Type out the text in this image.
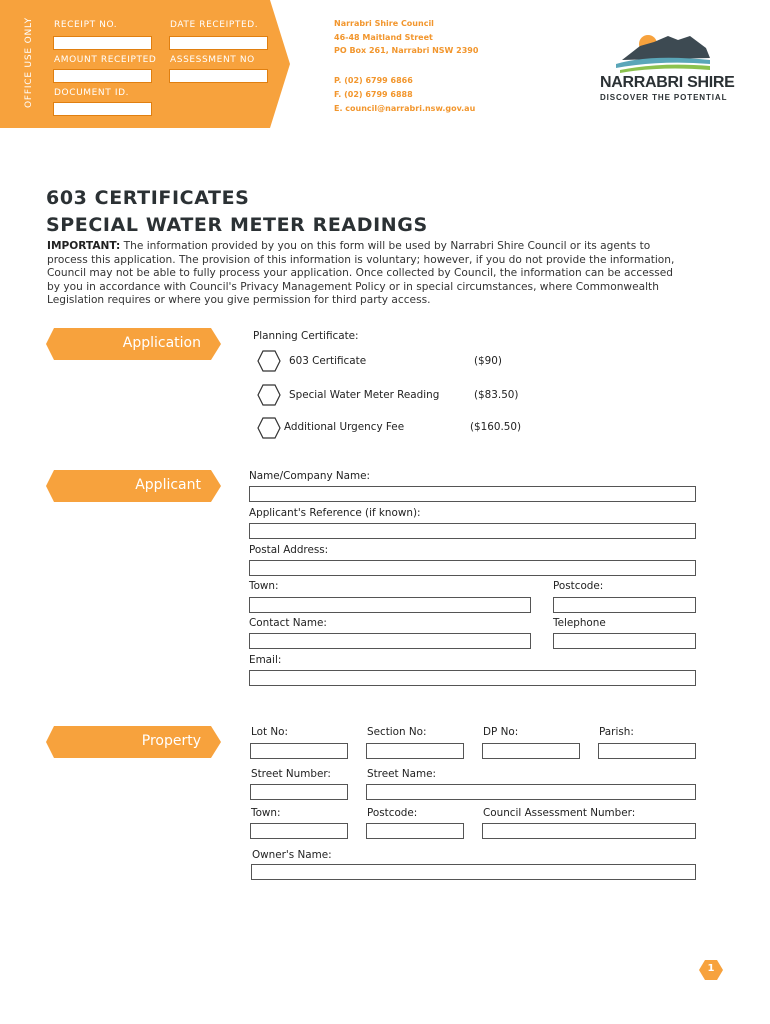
OFFICE USE ONLY RECEIPT NO.	DATE RECEIPTED.
AMOUNT RECEIPTED ASSESSMENT NO
DOCUMENT ID.
Narrabri Shire Council
46-48 Maitland Street
PO Box 261, Narrabri NSW 2390
P. (02) 6799 6866
F. (02) 6799 6888
E. council@narrabri.nsw.gov.au
NARRABRI SHIRE
DISCOVER THE POTENTIAL
603 CERTIFICATES
SPECIAL WATER METER READINGS
IMPORTANT: The information provided by you on this form will be used by Narrabri Shire Council or its agents to process this application. The provision of this information is voluntary; however, if you do not provide the information, Council may not be able to fully process your application. Once collected by Council, the information can be accessed by you in accordance with Council's Privacy Management Policy or in special circumstances, where Commonwealth Legislation requires or where you give permission for third party access.
Application	Planning Certificate:
603 Certificate	($90)
Special Water Meter Reading	($83.50)
Additional Urgency Fee	($160.50)
Applicant
Name/Company Name:
Applicant's Reference (if known):
Postal Address:
Town:	Postcode:
Contact Name:	Telephone
Email:
Property
Lot No:	Section No:	DP No:	Parish:
Street Number:	Street Name:
Town:	Postcode:	Council Assessment Number:
Owner's Name:
1
